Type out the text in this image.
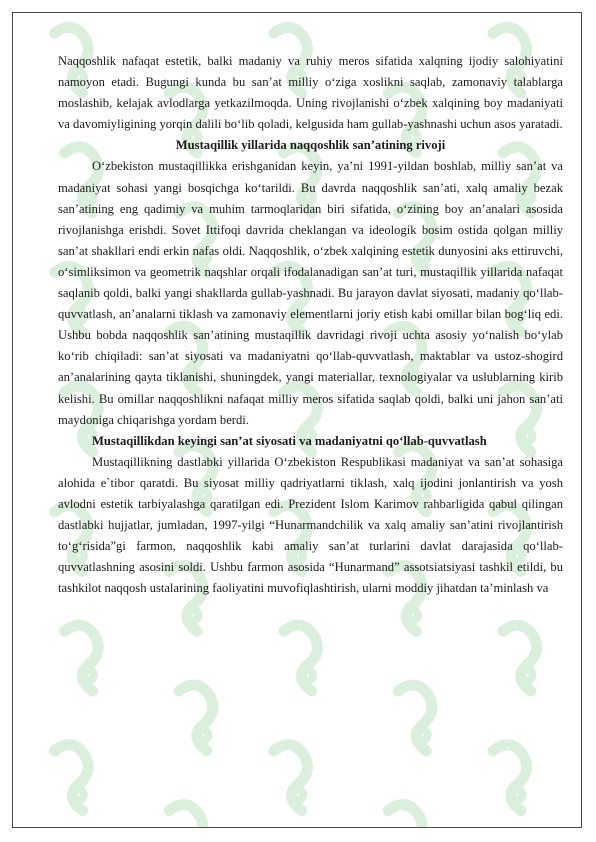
Naqqoshlik nafaqat estetik, balki madaniy va ruhiy meros sifatida xalqning ijodiy salohiyatini namoyon etadi. Bugungi kunda bu san’at milliy o‘ziga xoslikni saqlab, zamonaviy talablarga moslashib, kelajak avlodlarga yetkazilmoqda. Uning rivojlanishi o‘zbek xalqining boy madaniyati va davomiyligining yorqin dalili bo‘lib qoladi, kelgusida ham gullab-yashnashi uchun asos yaratadi.

Mustaqillik yillarida naqqoshlik san’atining rivoji

O‘zbekiston mustaqillikka erishganidan keyin, ya’ni 1991-yildan boshlab, milliy san’at va madaniyat sohasi yangi bosqichga ko‘tarildi. Bu davrda naqqoshlik san’ati, xalq amaliy bezak san’atining eng qadimiy va muhim tarmoqlaridan biri sifatida, o‘zining boy an’analari asosida rivojlanishga erishdi. Sovet Ittifoqi davrida cheklangan va ideologik bosim ostida qolgan milliy san’at shakllari endi erkin nafas oldi. Naqqoshlik, o‘zbek xalqining estetik dunyosini aks ettiruvchi, o‘simliksimon va geometrik naqshlar orqali ifodalanadigan san’at turi, mustaqillik yillarida nafaqat saqlanib qoldi, balki yangi shakllarda gullab-yashnadi. Bu jarayon davlat siyosati, madaniy qo‘llab-quvvatlash, an’analarni tiklash va zamonaviy elementlarni joriy etish kabi omillar bilan bog‘liq edi. Ushbu bobda naqqoshlik san’atining mustaqillik davridagi rivoji uchta asosiy yo‘nalish bo‘ylab ko‘rib chiqiladi: san’at siyosati va madaniyatni qo‘llab-quvvatlash, maktablar va ustoz-shogird an’analarining qayta tiklanishi, shuningdek, yangi materiallar, texnologiyalar va uslublarning kirib kelishi. Bu omillar naqqoshlikni nafaqat milliy meros sifatida saqlab qoldi, balki uni jahon san’ati maydoniga chiqarishga yordam berdi.

Mustaqillikdan keyingi san’at siyosati va madaniyatni qo‘llab-quvvatlash

Mustaqillikning dastlabki yillarida O‘zbekiston Respublikasi madaniyat va san’at sohasiga alohida e`tibor qaratdi. Bu siyosat milliy qadriyatlarni tiklash, xalq ijodini jonlantirish va yosh avlodni estetik tarbiyalashga qaratilgan edi. Prezident Islom Karimov rahbarligida qabul qilingan dastlabki hujjatlar, jumladan, 1997-yilgi “Hunarmandchilik va xalq amaliy san’atini rivojlantirish to‘g‘risida”gi farmon, naqqoshlik kabi amaliy san’at turlarini davlat darajasida qo‘llab-quvvatlashning asosini soldi. Ushbu farmon asosida “Hunarmand” assotsiatsiyasi tashkil etildi, bu tashkilot naqqosh ustalarining faoliyatini muvofiqlashtirish, ularni moddiy jihatdan ta’minlash va
